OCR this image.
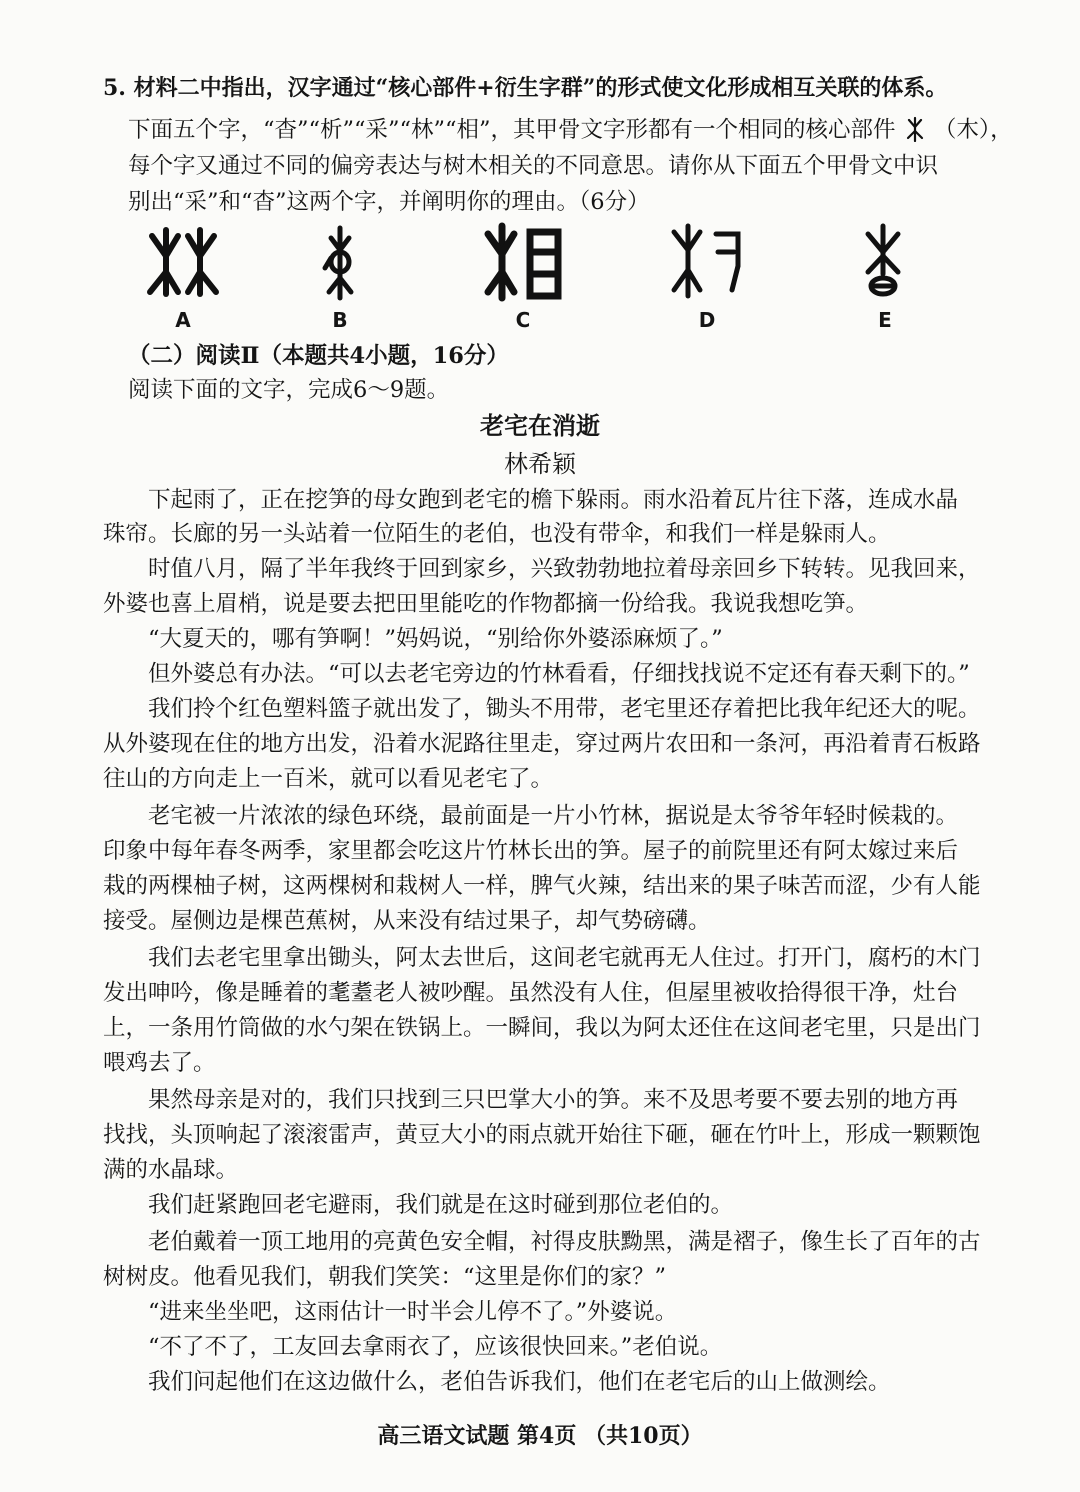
5. 材料二中指出，汉字通过“核心部件+衍生字群”的形式使文化形成相互关联的体系。
下面五个字，“杳”“析”“采”“林”“相”，其甲骨文字形都有一个相同的核心部件 （木），
每个字又通过不同的偏旁表达与树木相关的不同意思。请你从下面五个甲骨文中识
别出“采”和“杳”这两个字，并阐明你的理由。（6分）
A	B	C	D	E
（二）阅读Ⅱ（本题共4小题，16分）
阅读下面的文字，完成6～9题。
老宅在消逝
林希颖
　　下起雨了，正在挖笋的母女跑到老宅的檐下躲雨。雨水沿着瓦片往下落，连成水晶
珠帘。长廊的另一头站着一位陌生的老伯，也没有带伞，和我们一样是躲雨人。
　　时值八月，隔了半年我终于回到家乡，兴致勃勃地拉着母亲回乡下转转。见我回来，
外婆也喜上眉梢，说是要去把田里能吃的作物都摘一份给我。我说我想吃笋。
　　“大夏天的，哪有笋啊！”妈妈说，“别给你外婆添麻烦了。”
　　但外婆总有办法。“可以去老宅旁边的竹林看看，仔细找找说不定还有春天剩下的。”
　　我们拎个红色塑料篮子就出发了，锄头不用带，老宅里还存着把比我年纪还大的呢。
从外婆现在住的地方出发，沿着水泥路往里走，穿过两片农田和一条河，再沿着青石板路
往山的方向走上一百米，就可以看见老宅了。
　　老宅被一片浓浓的绿色环绕，最前面是一片小竹林，据说是太爷爷年轻时候栽的。
印象中每年春冬两季，家里都会吃这片竹林长出的笋。屋子的前院里还有阿太嫁过来后
栽的两棵柚子树，这两棵树和栽树人一样，脾气火辣，结出来的果子味苦而涩，少有人能
接受。屋侧边是棵芭蕉树，从来没有结过果子，却气势磅礴。
　　我们去老宅里拿出锄头，阿太去世后，这间老宅就再无人住过。打开门，腐朽的木门
发出呻吟，像是睡着的耄耋老人被吵醒。虽然没有人住，但屋里被收拾得很干净，灶台
上，一条用竹筒做的水勺架在铁锅上。一瞬间，我以为阿太还住在这间老宅里，只是出门
喂鸡去了。
　　果然母亲是对的，我们只找到三只巴掌大小的笋。来不及思考要不要去别的地方再
找找，头顶响起了滚滚雷声，黄豆大小的雨点就开始往下砸，砸在竹叶上，形成一颗颗饱
满的水晶球。
　　我们赶紧跑回老宅避雨，我们就是在这时碰到那位老伯的。
　　老伯戴着一顶工地用的亮黄色安全帽，衬得皮肤黝黑，满是褶子，像生长了百年的古
树树皮。他看见我们，朝我们笑笑：“这里是你们的家？”
　　“进来坐坐吧，这雨估计一时半会儿停不了。”外婆说。
　　“不了不了，工友回去拿雨衣了，应该很快回来。”老伯说。
　　我们问起他们在这边做什么，老伯告诉我们，他们在老宅后的山上做测绘。
高三语文试题 第4页 （共10页）
